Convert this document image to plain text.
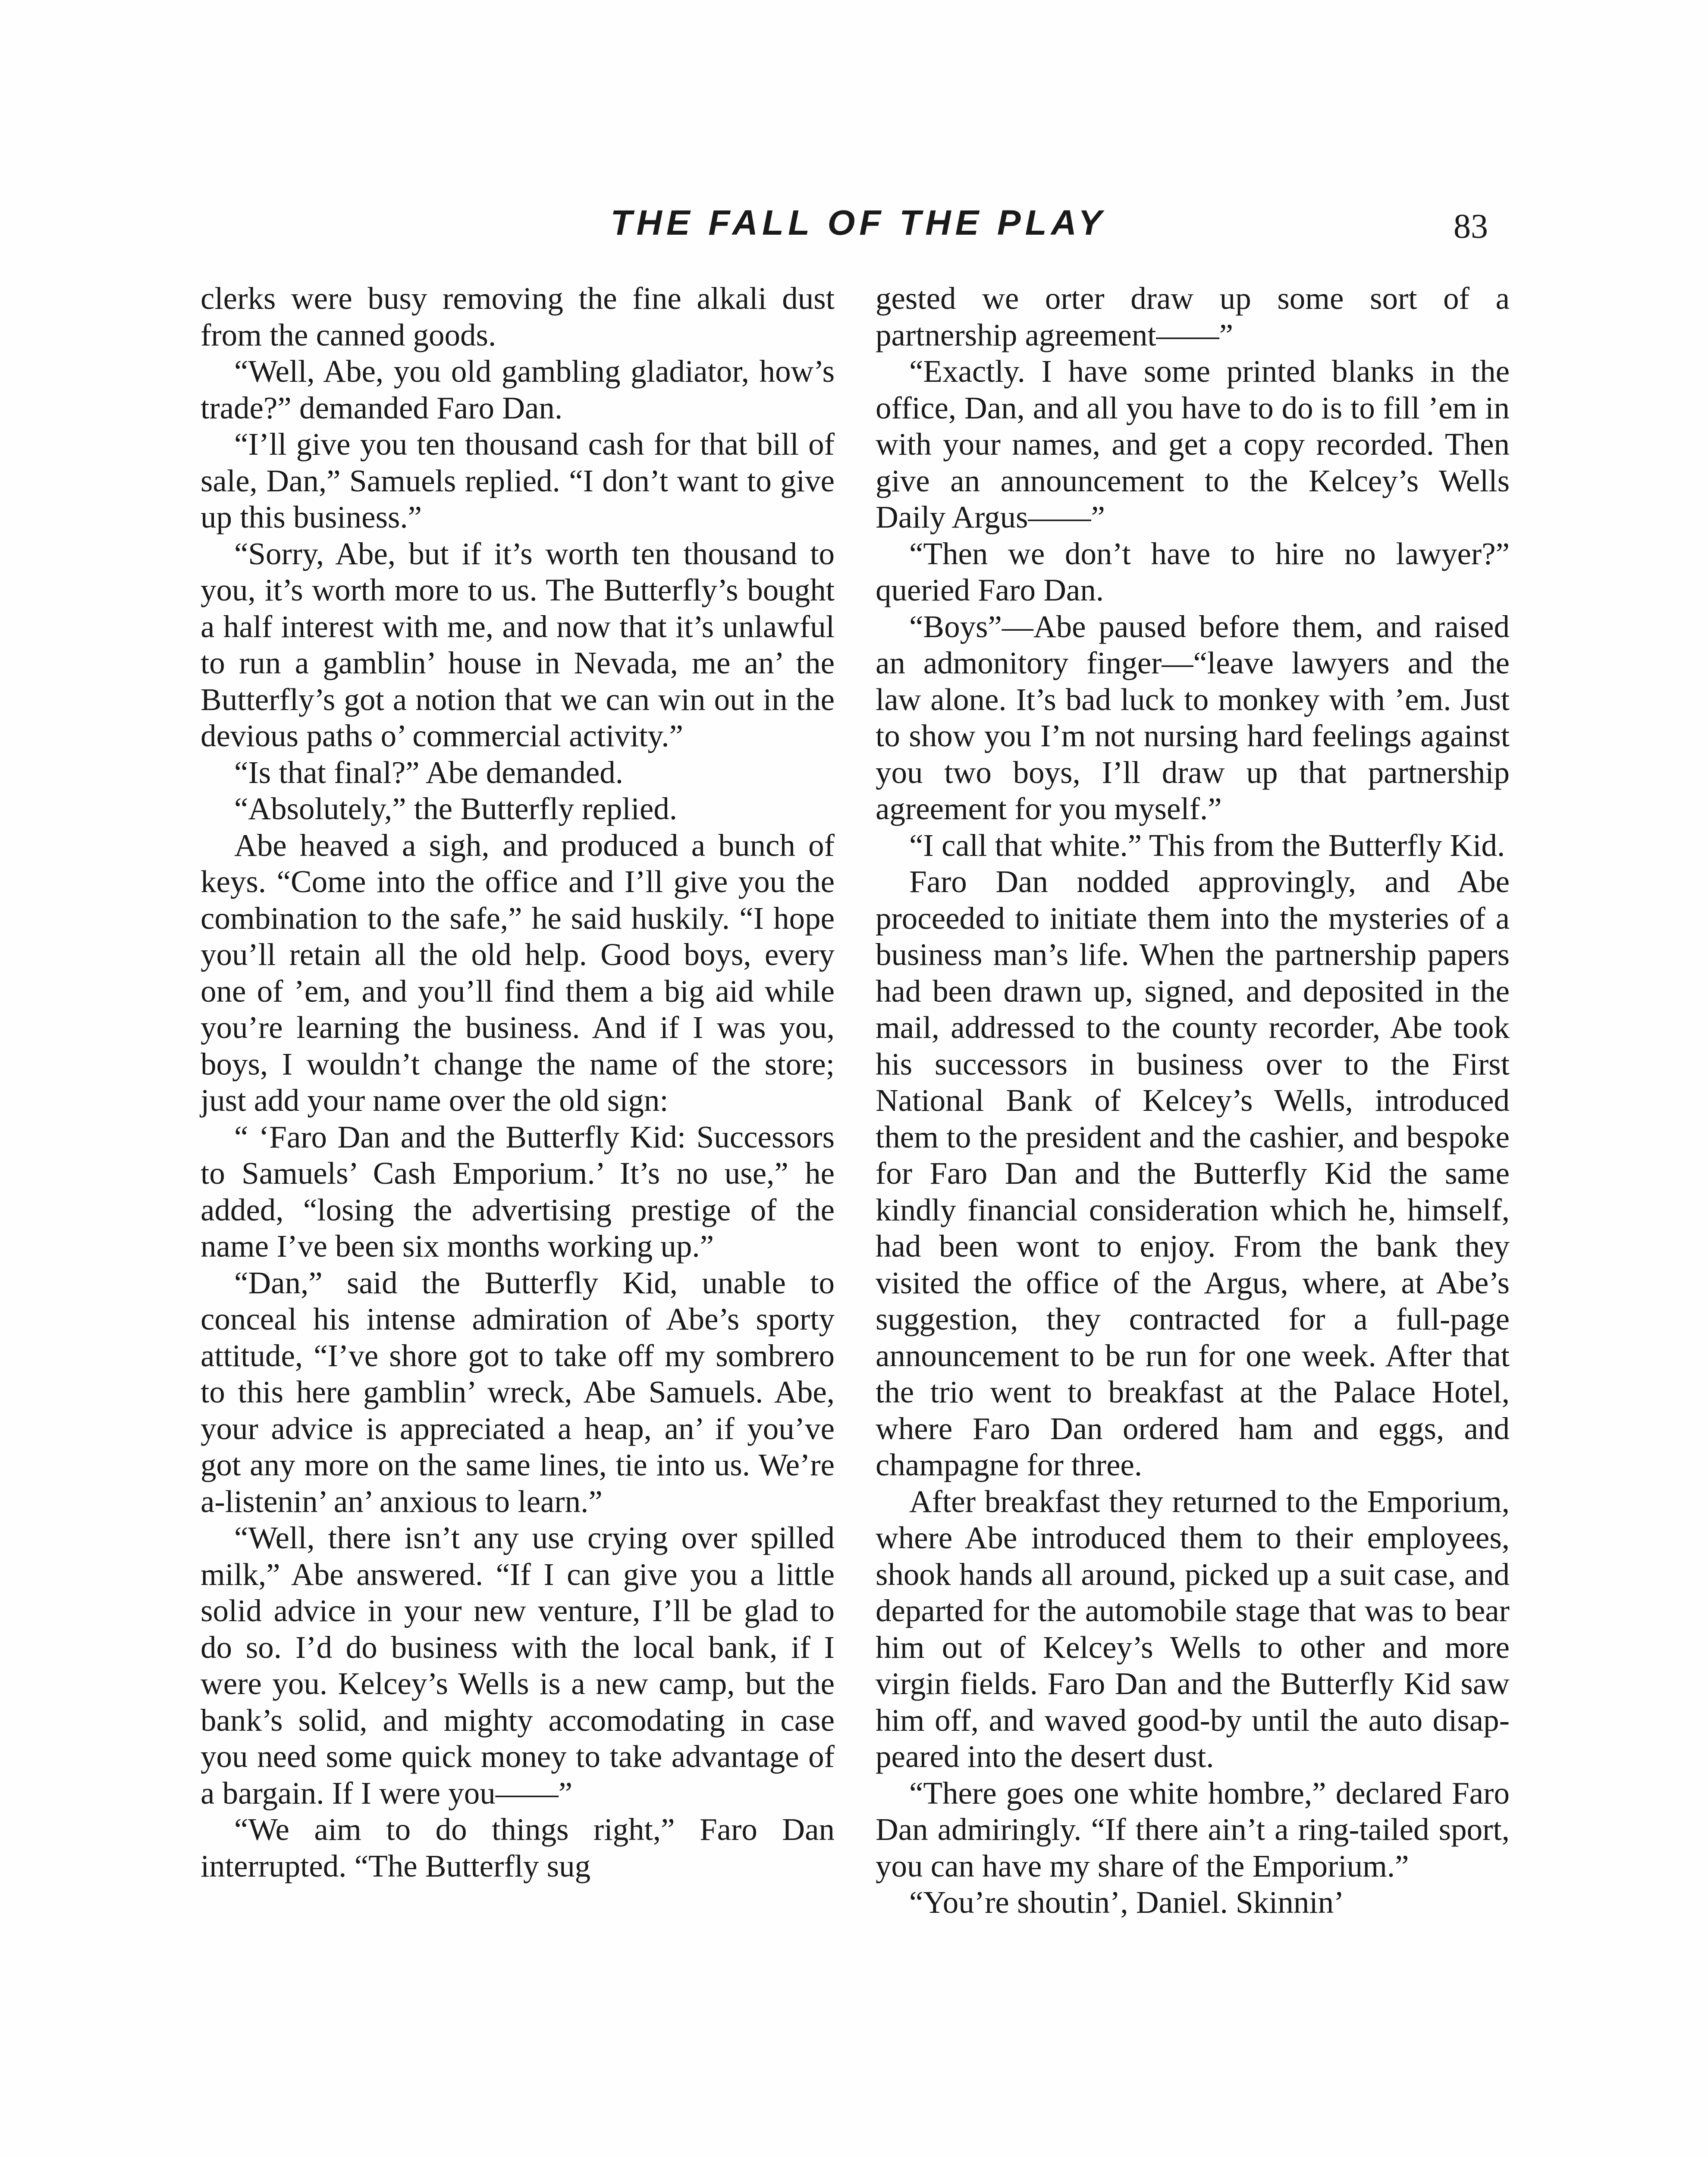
THE FALL OF THE PLAY	83

clerks were busy removing the fine alkali dust from the canned goods.

“Well, Abe, you old gambling gladiator, how’s trade?” demanded Faro Dan.

“I’ll give you ten thousand cash for that bill of sale, Dan,” Samuels replied. “I don’t want to give up this business.”

“Sorry, Abe, but if it’s worth ten thousand to you, it’s worth more to us. The Butterfly’s bought a half interest with me, and now that it’s unlawful to run a gamblin’ house in Nevada, me an’ the Butterfly’s got a notion that we can win out in the devious paths o’ commercial activity.”

“Is that final?” Abe demanded.

“Absolutely,” the Butterfly replied.

Abe heaved a sigh, and produced a bunch of keys. “Come into the office and I’ll give you the combination to the safe,” he said huskily. “I hope you’ll retain all the old help. Good boys, every one of ’em, and you’ll find them a big aid while you’re learning the business. And if I was you, boys, I wouldn’t change the name of the store; just add your name over the old sign:

“ ‘Faro Dan and the Butterfly Kid: Successors to Samuels’ Cash Emporium.’ It’s no use,” he added, “losing the advertising prestige of the name I’ve been six months working up.”

“Dan,” said the Butterfly Kid, unable to conceal his intense admiration of Abe’s sporty attitude, “I’ve shore got to take off my sombrero to this here gamblin’ wreck, Abe Samuels. Abe, your advice is appreciated a heap, an’ if you’ve got any more on the same lines, tie into us. We’re a-listenin’ an’ anxious to learn.”

“Well, there isn’t any use crying over spilled milk,” Abe answered. “If I can give you a little solid advice in your new venture, I’ll be glad to do so. I’d do business with the local bank, if I were you. Kelcey’s Wells is a new camp, but the bank’s solid, and mighty accomodating in case you need some quick money to take advantage of a bargain. If I were you——”

“We aim to do things right,” Faro Dan interrupted. “The Butterfly sug

gested we orter draw up some sort of a partnership agreement——”

“Exactly. I have some printed blanks in the office, Dan, and all you have to do is to fill ’em in with your names, and get a copy recorded. Then give an announcement to the Kelcey’s Wells Daily Argus——”

“Then we don’t have to hire no lawyer?” queried Faro Dan.

“Boys”—Abe paused before them, and raised an admonitory finger—“leave lawyers and the law alone. It’s bad luck to monkey with ’em. Just to show you I’m not nursing hard feelings against you two boys, I’ll draw up that partnership agreement for you myself.”

“I call that white.” This from the Butterfly Kid.

Faro Dan nodded approvingly, and Abe proceeded to initiate them into the mysteries of a business man’s life. When the partnership papers had been drawn up, signed, and deposited in the mail, addressed to the county recorder, Abe took his successors in business over to the First National Bank of Kelcey’s Wells, introduced them to the president and the cashier, and bespoke for Faro Dan and the Butterfly Kid the same kindly financial consideration which he, himself, had been wont to enjoy. From the bank they visited the office of the Argus, where, at Abe’s suggestion, they contracted for a full-page announcement to be run for one week. After that the trio went to breakfast at the Palace Hotel, where Faro Dan ordered ham and eggs, and champagne for three.

After breakfast they returned to the Emporium, where Abe introduced them to their employees, shook hands all around, picked up a suit case, and departed for the automobile stage that was to bear him out of Kelcey’s Wells to other and more virgin fields. Faro Dan and the Butterfly Kid saw him off, and waved good-by until the auto disappeared into the desert dust.

“There goes one white hombre,” declared Faro Dan admiringly. “If there ain’t a ring-tailed sport, you can have my share of the Emporium.”

“You’re shoutin’, Daniel. Skinnin’
